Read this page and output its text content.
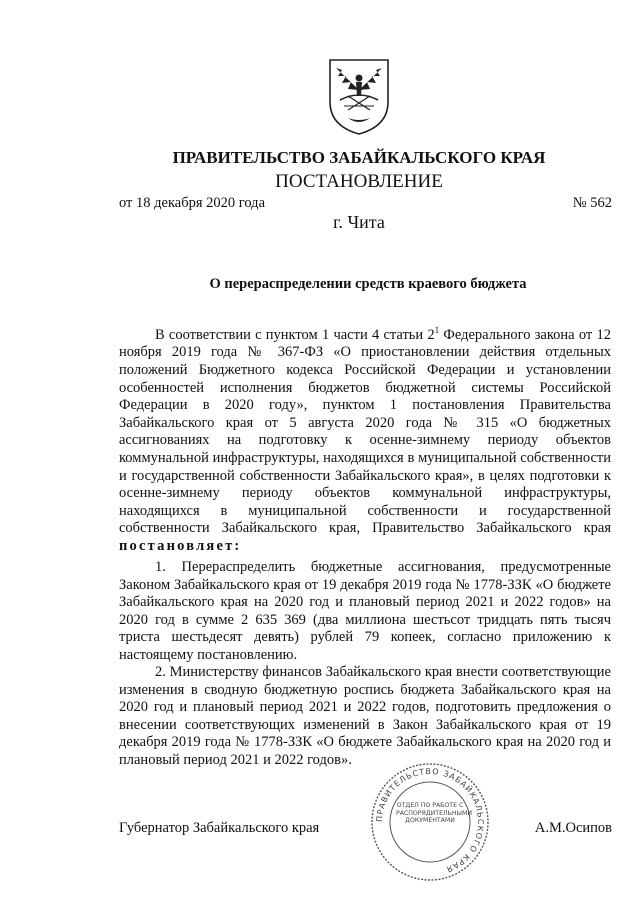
ПРАВИТЕЛЬСТВО ЗАБАЙКАЛЬСКОГО КРАЯ
ПОСТАНОВЛЕНИЕ
от 18 декабря 2020 года	№ 562
г. Чита
О перераспределении средств краевого бюджета

В соответствии с пунктом 1 части 4 статьи $2^1$ Федерального закона от 12 ноября 2019 года № 367-ФЗ «О приостановлении действия отдельных положений Бюджетного кодекса Российской Федерации и установлении особенностей исполнения бюджетов бюджетной системы Российской Федерации в 2020 году», пунктом 1 постановления Правительства Забайкальского края от 5 августа 2020 года № 315 «О бюджетных ассигнованиях на подготовку к осенне-зимнему периоду объектов коммунальной инфраструктуры, находящихся в муниципальной собственности и государственной собственности Забайкальского края», в целях подготовки к осенне-зимнему периоду объектов коммунальной инфраструктуры, находящихся в муниципальной собственности и государственной собственности Забайкальского края, Правительство Забайкальского края постановляет:

1. Перераспределить бюджетные ассигнования, предусмотренные Законом Забайкальского края от 19 декабря 2019 года № 1778-ЗЗК «О бюджете Забайкальского края на 2020 год и плановый период 2021 и 2022 годов» на 2020 год в сумме 2 635 369 (два миллиона шестьсот тридцать пять тысяч триста шестьдесят девять) рублей 79 копеек, согласно приложению к настоящему постановлению.

2. Министерству финансов Забайкальского края внести соответствующие изменения в сводную бюджетную роспись бюджета Забайкальского края на 2020 год и плановый период 2021 и 2022 годов, подготовить предложения о внесении соответствующих изменений в Закон Забайкальского края от 19 декабря 2019 года № 1778-ЗЗК «О бюджете Забайкальского края на 2020 год и плановый период 2021 и 2022 годов».

ПРАВИТЕЛЬСТВО ЗАБАЙКАЛЬСКОГО КРАЯ
ОТДЕЛ ПО РАБОТЕ С РАСПОРЯДИТЕЛЬНЫМИ ДОКУМЕНТАМИ
Губернатор Забайкальского края	А.М.Осипов
